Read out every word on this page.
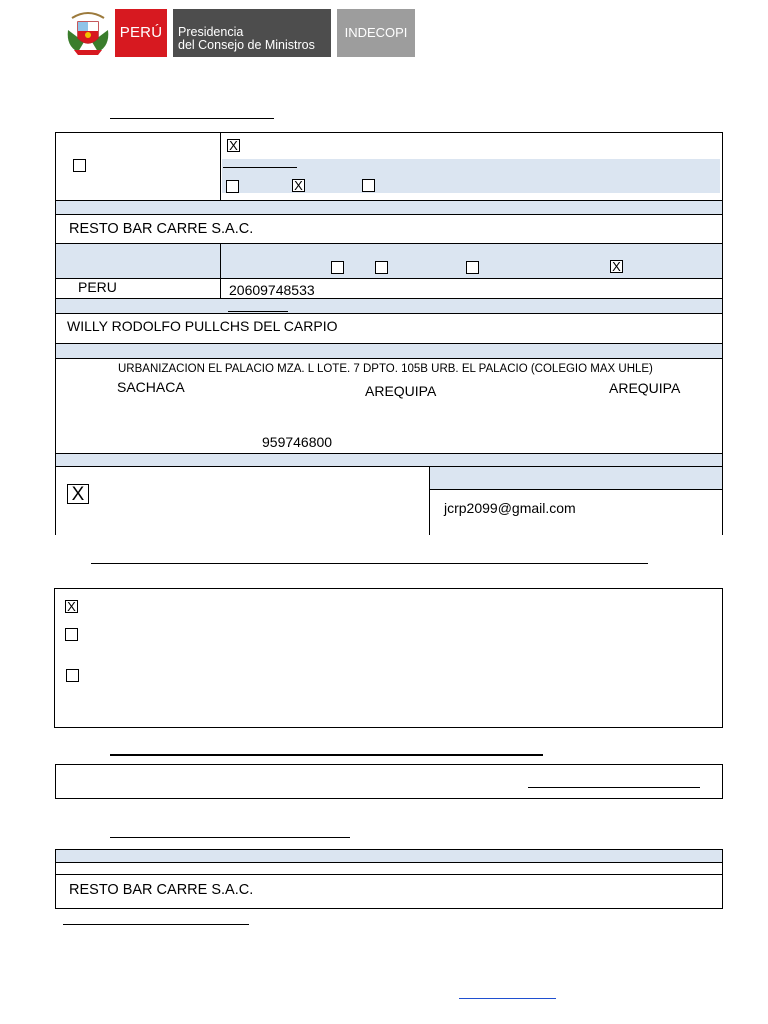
PERÚ	Presidencia
del Consejo de Ministros
INDECOPI
X
X
RESTO BAR CARRE S.A.C.
X
PERU	20609748533
WILLY RODOLFO PULLCHS DEL CARPIO
URBANIZACION EL PALACIO MZA. L LOTE. 7 DPTO. 105B URB. EL PALACIO (COLEGIO MAX UHLE)
SACHACA	AREQUIPA	AREQUIPA
959746800
X
jcrp2099@gmail.com
X
RESTO BAR CARRE S.A.C.
